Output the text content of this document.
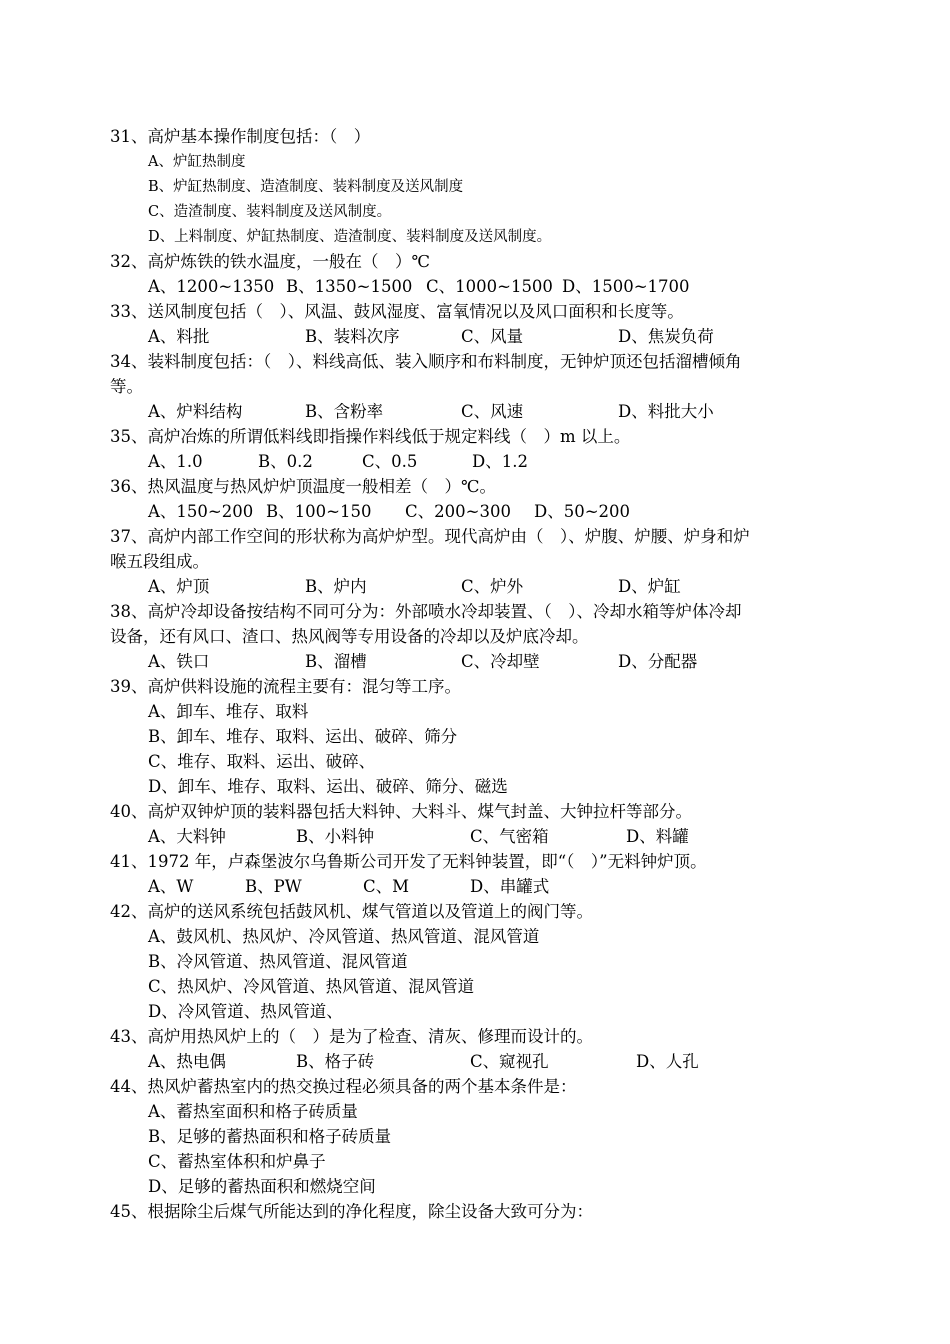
31、高炉基本操作制度包括：（　）
A、炉缸热制度
B、炉缸热制度、造渣制度、装料制度及送风制度
C、造渣制度、装料制度及送风制度。
D、上料制度、炉缸热制度、造渣制度、装料制度及送风制度。
32、高炉炼铁的铁水温度，一般在（　）℃
A、1200~1350 B、1350~1500 C、1000~1500 D、1500~1700
33、送风制度包括（　）、风温、鼓风湿度、富氧情况以及风口面积和长度等。
A、料批	B、装料次序	C、风量	D、焦炭负荷
34、装料制度包括：（　）、料线高低、装入顺序和布料制度，无钟炉顶还包括溜槽倾角
等。
A、炉料结构	B、含粉率	C、风速	D、料批大小
35、高炉冶炼的所谓低料线即指操作料线低于规定料线（　）m 以上。
A、1.0	B、0.2	C、0.5	D、1.2
36、热风温度与热风炉炉顶温度一般相差（　）℃。
A、150~200 B、100~150 C、200~300 D、50~200
37、高炉内部工作空间的形状称为高炉炉型。现代高炉由（　）、炉腹、炉腰、炉身和炉
喉五段组成。
A、炉顶	B、炉内	C、炉外	D、炉缸
38、高炉冷却设备按结构不同可分为：外部喷水冷却装置、（　）、冷却水箱等炉体冷却
设备，还有风口、渣口、热风阀等专用设备的冷却以及炉底冷却。
A、铁口	B、溜槽	C、冷却壁	D、分配器
39、高炉供料设施的流程主要有：混匀等工序。
A、卸车、堆存、取料
B、卸车、堆存、取料、运出、破碎、筛分
C、堆存、取料、运出、破碎、
D、卸车、堆存、取料、运出、破碎、筛分、磁选
40、高炉双钟炉顶的装料器包括大料钟、大料斗、煤气封盖、大钟拉杆等部分。
A、大料钟	B、小料钟	C、气密箱	D、料罐
41、1972 年，卢森堡波尔乌鲁斯公司开发了无料钟装置，即“（　）”无料钟炉顶。
A、W	B、PW	C、M	D、串罐式
42、高炉的送风系统包括鼓风机、煤气管道以及管道上的阀门等。
A、鼓风机、热风炉、冷风管道、热风管道、混风管道
B、冷风管道、热风管道、混风管道
C、热风炉、冷风管道、热风管道、混风管道
D、冷风管道、热风管道、
43、高炉用热风炉上的（　）是为了检查、清灰、修理而设计的。
A、热电偶	B、格子砖	C、窥视孔	D、人孔
44、热风炉蓄热室内的热交换过程必须具备的两个基本条件是：
A、蓄热室面积和格子砖质量
B、足够的蓄热面积和格子砖质量
C、蓄热室体积和炉鼻子
D、足够的蓄热面积和燃烧空间
45、根据除尘后煤气所能达到的净化程度，除尘设备大致可分为：
